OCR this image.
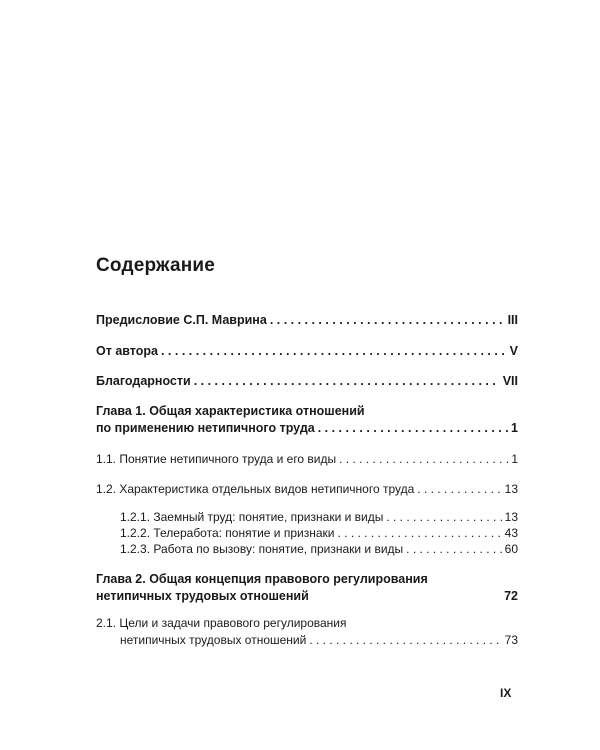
Содержание
Предисловие С.П. Маврина . . .	III
От автора . . .	V
Благодарности . . .	VII
Глава 1. Общая характеристика отношений
по применению нетипичного труда . . .	1
1.1. Понятие нетипичного труда и его виды . . .	1
1.2. Характеристика отдельных видов нетипичного труда . . .	13
1.2.1. Заемный труд: понятие, признаки и виды . . .	13
1.2.2. Телеработа: понятие и признаки . . .	43
1.2.3. Работа по вызову: понятие, признаки и виды . . .	60
Глава 2. Общая концепция правового регулирования
нетипичных трудовых отношений	72
2.1. Цели и задачи правового регулирования
нетипичных трудовых отношений . . .	73
IX
